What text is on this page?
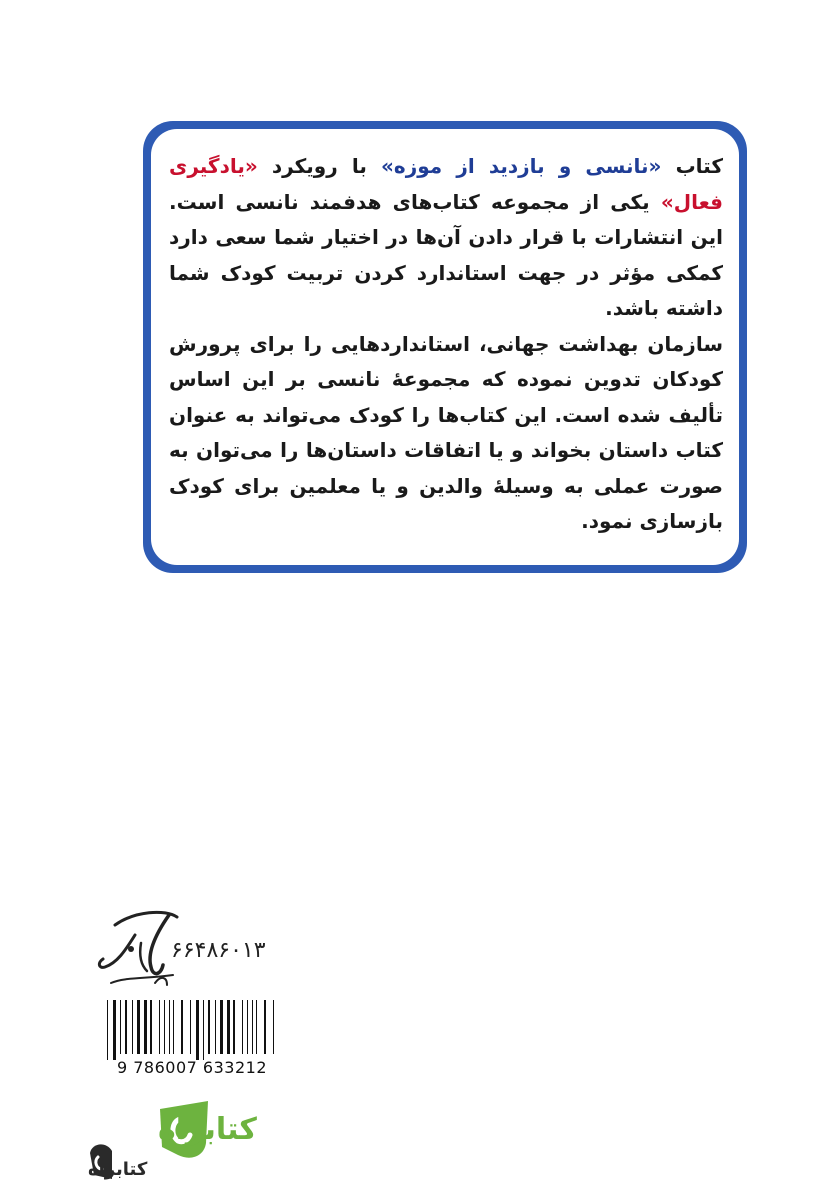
کتاب «نانسی و بازدید از موزه» با رویکرد «یادگیری فعال» یکی از مجموعه کتاب‌های هدفمند نانسی است. این انتشارات با قرار دادن آن‌ها در اختیار شما سعی دارد کمکی مؤثر در جهت استاندارد کردن تربیت کودک شما داشته باشد.

سازمان بهداشت جهانی، استانداردهایی را برای پرورش کودکان تدوین نموده که مجموعهٔ نانسی بر این اساس تألیف شده است. این کتاب‌ها را کودک می‌تواند به عنوان کتاب داستان بخواند و یا اتفاقات داستان‌ها را می‌توان به صورت عملی به وسیلهٔ والدین و یا معلمین برای کودک بازسازی نمود.

۶۶۴۸۶۰۱۳
9 786007 633212
کتابراه
کتابراه
